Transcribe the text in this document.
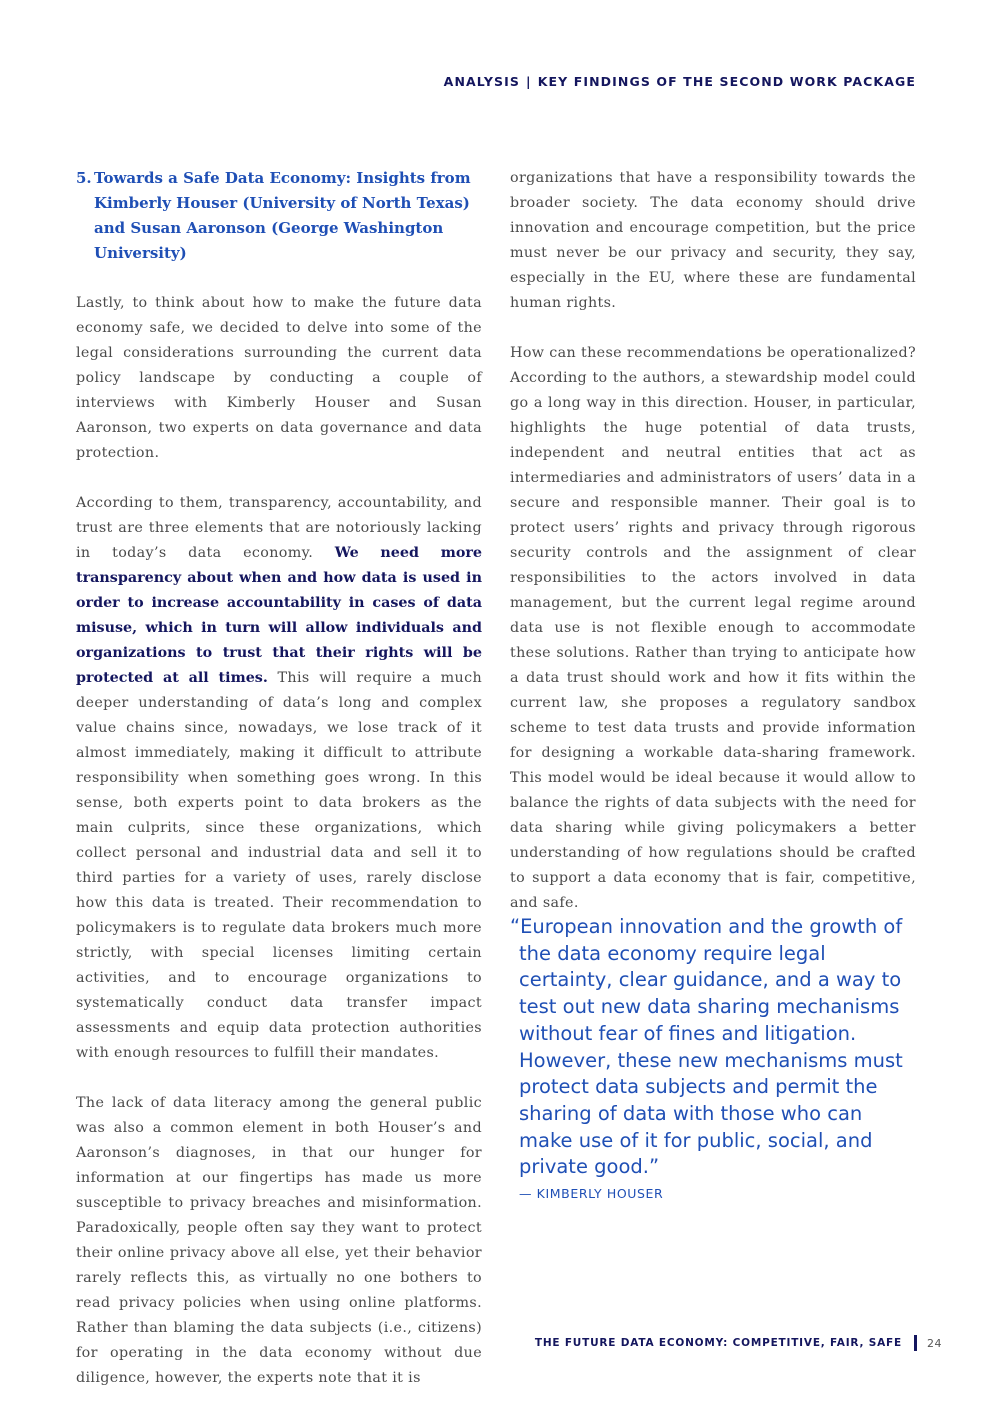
ANALYSIS | KEY FINDINGS OF THE SECOND WORK PACKAGE
5. Towards a Safe Data Economy: Insights from Kimberly Houser (University of North Texas) and Susan Aaronson (George Washington University)

Lastly, to think about how to make the future data economy safe, we decided to delve into some of the legal considerations surrounding the current data policy landscape by conducting a couple of interviews with Kimberly Houser and Susan Aaronson, two experts on data governance and data protection.

According to them, transparency, accountability, and trust are three elements that are notoriously lacking in today’s data economy. We need more transparency about when and how data is used in order to increase accountability in cases of data misuse, which in turn will allow individuals and organizations to trust that their rights will be protected at all times. This will require a much deeper understanding of data’s long and complex value chains since, nowadays, we lose track of it almost immediately, making it difficult to attribute responsibility when something goes wrong. In this sense, both experts point to data brokers as the main culprits, since these organizations, which collect personal and industrial data and sell it to third parties for a variety of uses, rarely disclose how this data is treated. Their recommendation to policymakers is to regulate data brokers much more strictly, with special licenses limiting certain activities, and to encourage organizations to systematically conduct data transfer impact assessments and equip data protection authorities with enough resources to fulfill their mandates.

The lack of data literacy among the general public was also a common element in both Houser’s and Aaronson’s diagnoses, in that our hunger for information at our fingertips has made us more susceptible to privacy breaches and misinformation. Paradoxically, people often say they want to protect their online privacy above all else, yet their behavior rarely reflects this, as virtually no one bothers to read privacy policies when using online platforms. Rather than blaming the data subjects (i.e., citizens) for operating in the data economy without due diligence, however, the experts note that it is

organizations that have a responsibility towards the broader society. The data economy should drive innovation and encourage competition, but the price must never be our privacy and security, they say, especially in the EU, where these are fundamental human rights.

How can these recommendations be operationalized? According to the authors, a stewardship model could go a long way in this direction. Houser, in particular, highlights the huge potential of data trusts, independent and neutral entities that act as intermediaries and administrators of users’ data in a secure and responsible manner. Their goal is to protect users’ rights and privacy through rigorous security controls and the assignment of clear responsibilities to the actors involved in data management, but the current legal regime around data use is not flexible enough to accommodate these solutions. Rather than trying to anticipate how a data trust should work and how it fits within the current law, she proposes a regulatory sandbox scheme to test data trusts and provide information for designing a workable data-sharing framework. This model would be ideal because it would allow to balance the rights of data subjects with the need for data sharing while giving policymakers a better understanding of how regulations should be crafted to support a data economy that is fair, competitive, and safe.

“European innovation and the growth of the data economy require legal certainty, clear guidance, and a way to test out new data sharing mechanisms without fear of fines and litigation. However, these new mechanisms must protect data subjects and permit the sharing of data with those who can make use of it for public, social, and private good.”
— KIMBERLY HOUSER
THE FUTURE DATA ECONOMY: COMPETITIVE, FAIR, SAFE 24
